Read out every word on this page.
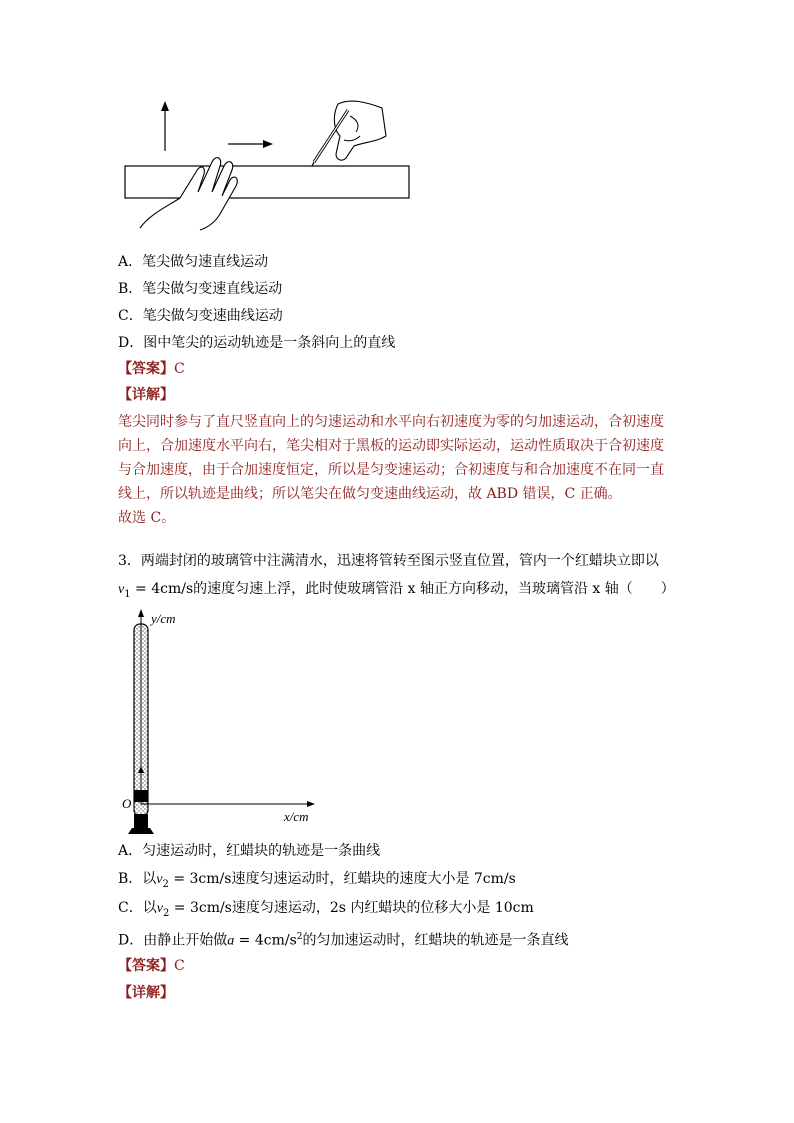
A．笔尖做匀速直线运动
B．笔尖做匀变速直线运动
C．笔尖做匀变速曲线运动
D．图中笔尖的运动轨迹是一条斜向上的直线
【答案】C
【详解】

笔尖同时参与了直尺竖直向上的匀速运动和水平向右初速度为零的匀加速运动，合初速度

向上，合加速度水平向右，笔尖相对于黑板的运动即实际运动，运动性质取决于合初速度

与合加速度，由于合加速度恒定，所以是匀变速运动；合初速度与和合加速度不在同一直

线上，所以轨迹是曲线；所以笔尖在做匀变速曲线运动，故 ABD 错误，C 正确。

故选 C。

3．两端封闭的玻璃管中注满清水，迅速将管转至图示竖直位置，管内一个红蜡块立即以
$v_1 = 4cm/s$的速度匀速上浮，此时使玻璃管沿 x 轴正方向移动，当玻璃管沿 x 轴（　　）
y/cm
x/cm
O
A．匀速运动时，红蜡块的轨迹是一条曲线
B．以$v_2 = 3cm/s$速度匀速运动时，红蜡块的速度大小是 7cm/s
C．以$v_2 = 3cm/s$速度匀速运动，2s 内红蜡块的位移大小是 10cm
D．由静止开始做$a = 4cm/s^2$的匀加速运动时，红蜡块的轨迹是一条直线
【答案】C
【详解】
